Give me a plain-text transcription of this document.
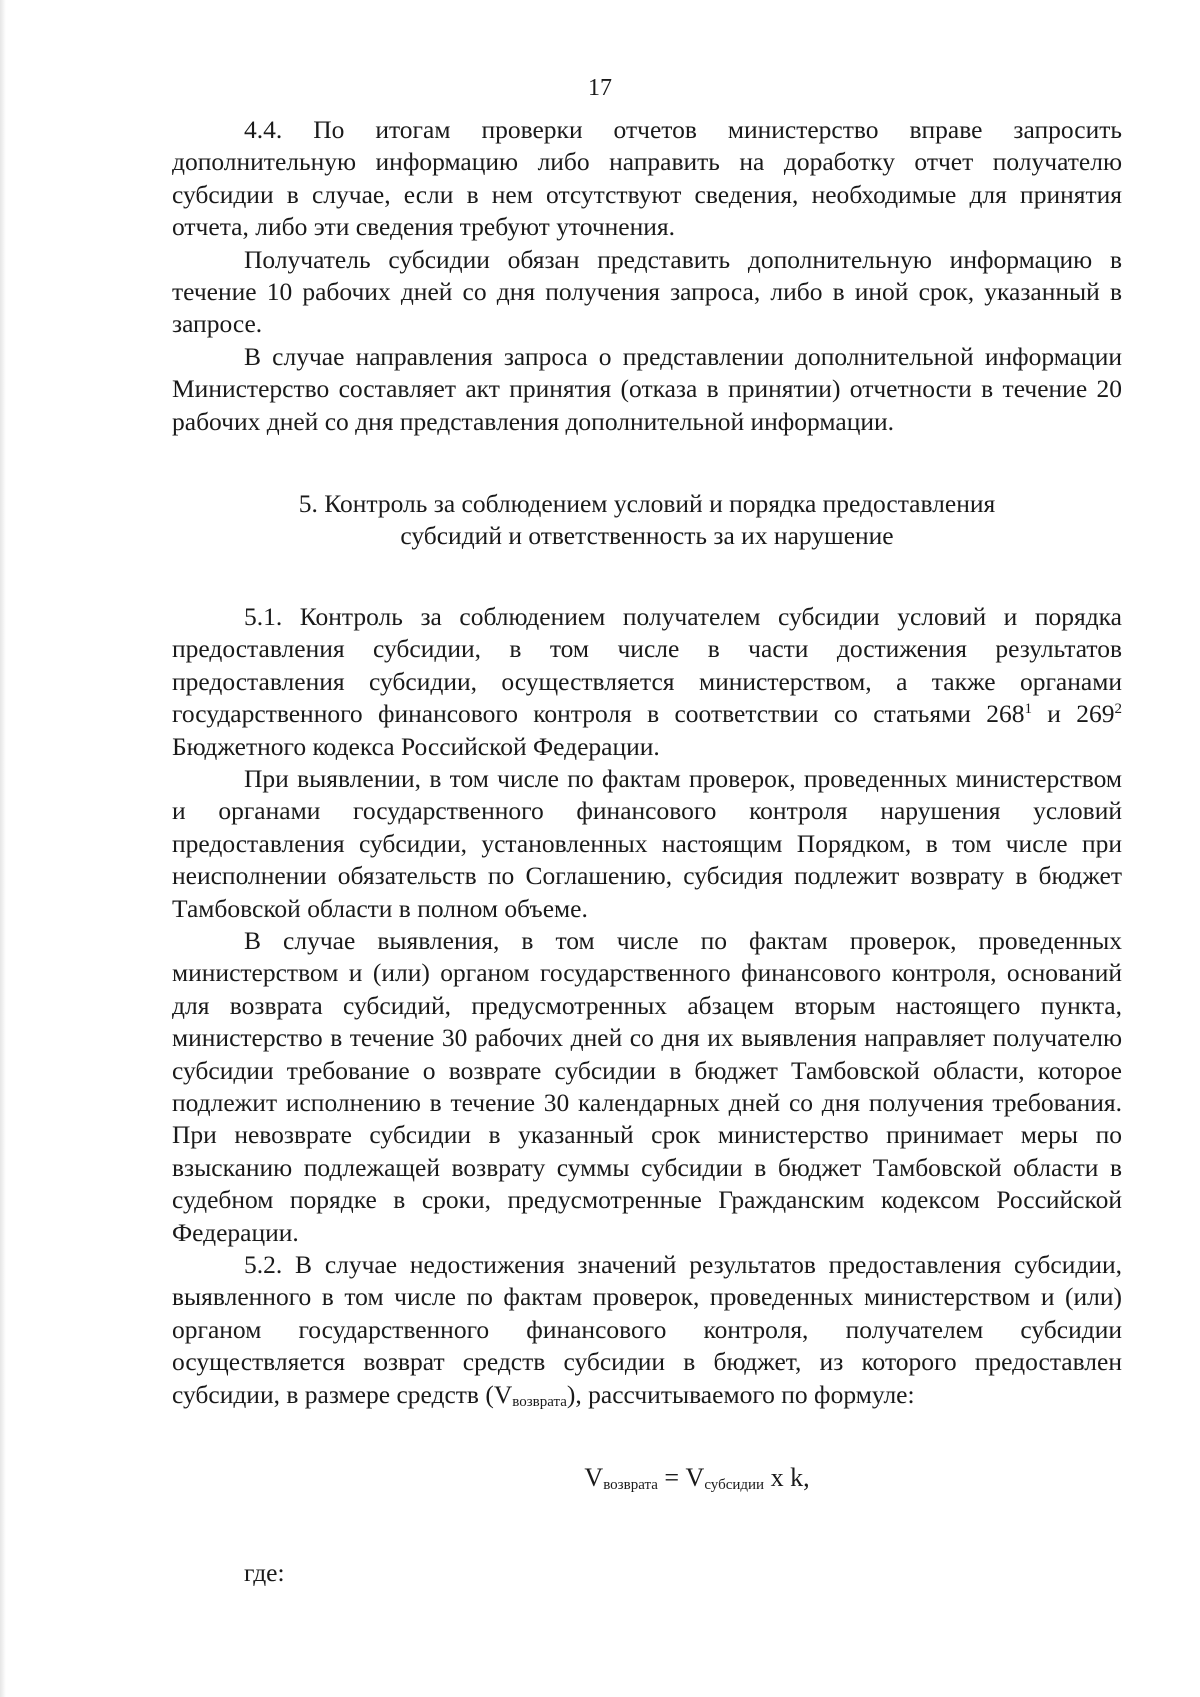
17

4.4. По итогам проверки отчетов министерство вправе запросить дополнительную информацию либо направить на доработку отчет получателю субсидии в случае, если в нем отсутствуют сведения, необходимые для принятия отчета, либо эти сведения требуют уточнения.

Получатель субсидии обязан представить дополнительную информацию в течение 10 рабочих дней со дня получения запроса, либо в иной срок, указанный в запросе.

В случае направления запроса о представлении дополнительной информации Министерство составляет акт принятия (отказа в принятии) отчетности в течение 20 рабочих дней со дня представления дополнительной информации.

5. Контроль за соблюдением условий и порядка предоставления
субсидий и ответственность за их нарушение

5.1. Контроль за соблюдением получателем субсидии условий и порядка предоставления субсидии, в том числе в части достижения результатов предоставления субсидии, осуществляется министерством, а также органами государственного финансового контроля в соответствии со статьями $268^1$ и $269^2$ Бюджетного кодекса Российской Федерации.

При выявлении, в том числе по фактам проверок, проведенных министерством и органами государственного финансового контроля нарушения условий предоставления субсидии, установленных настоящим Порядком, в том числе при неисполнении обязательств по Соглашению, субсидия подлежит возврату в бюджет Тамбовской области в полном объеме.

В случае выявления, в том числе по фактам проверок, проведенных министерством и (или) органом государственного финансового контроля, оснований для возврата субсидий, предусмотренных абзацем вторым настоящего пункта, министерство в течение 30 рабочих дней со дня их выявления направляет получателю субсидии требование о возврате субсидии в бюджет Тамбовской области, которое подлежит исполнению в течение 30 календарных дней со дня получения требования. При невозврате субсидии в указанный срок министерство принимает меры по взысканию подлежащей возврату суммы субсидии в бюджет Тамбовской области в судебном порядке в сроки, предусмотренные Гражданским кодексом Российской Федерации.

5.2. В случае недостижения значений результатов предоставления субсидии, выявленного в том числе по фактам проверок, проведенных министерством и (или) органом государственного финансового контроля, получателем субсидии осуществляется возврат средств субсидии в бюджет, из которого предоставлен субсидии, в размере средств (Vвозврата), рассчитываемого по формуле:

$V_{возврата} = V_{субсидии}$ x k,
где:
